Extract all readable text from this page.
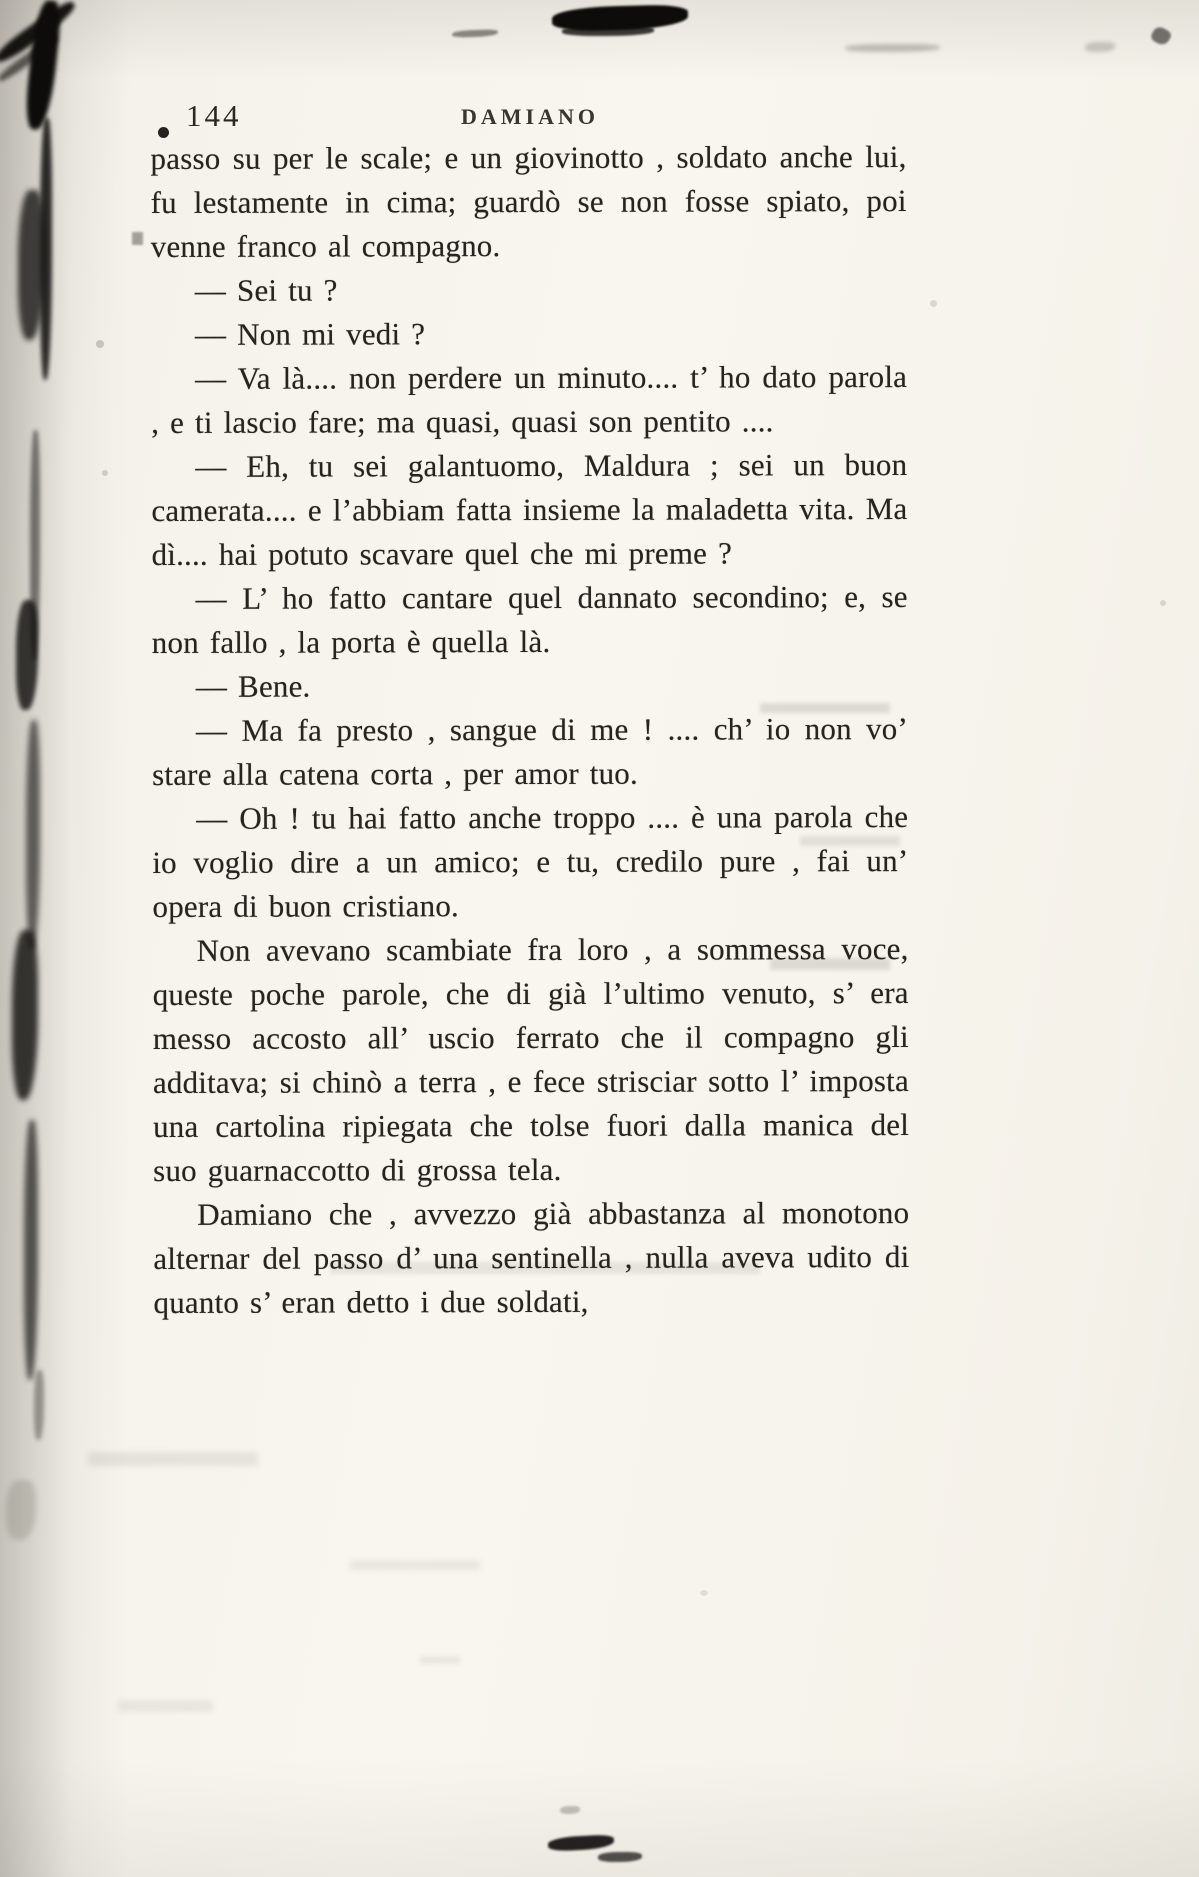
144	DAMIANO

passo su per le scale; e un giovinotto , soldato anche lui, fu lestamente in cima; guardò se non fosse spiato, poi venne franco al compagno.

— Sei tu ?

— Non mi vedi ?

— Va là.... non perdere un minuto.... t’ ho dato parola , e ti lascio fare; ma quasi, quasi son pentito ....

— Eh, tu sei galantuomo, Maldura ; sei un buon camerata.... e l’abbiam fatta insieme la maladetta vita. Ma dì.... hai potuto scavare quel che mi preme ?

— L’ ho fatto cantare quel dannato secondino; e, se non fallo , la porta è quella là.

— Bene.

— Ma fa presto , sangue di me ! .... ch’ io non vo’ stare alla catena corta , per amor tuo.

— Oh ! tu hai fatto anche troppo .... è una parola che io voglio dire a un amico; e tu, credilo pure , fai un’ opera di buon cristiano.

Non avevano scambiate fra loro , a sommessa voce, queste poche parole, che di già l’ultimo venuto, s’ era messo accosto all’ uscio ferrato che il compagno gli additava; si chinò a terra , e fece strisciar sotto l’ imposta una cartolina ripiegata che tolse fuori dalla manica del suo guarnaccotto di grossa tela.

Damiano che , avvezzo già abbastanza al monotono alternar del passo d’ una sentinella , nulla aveva udito di quanto s’ eran detto i due soldati,
